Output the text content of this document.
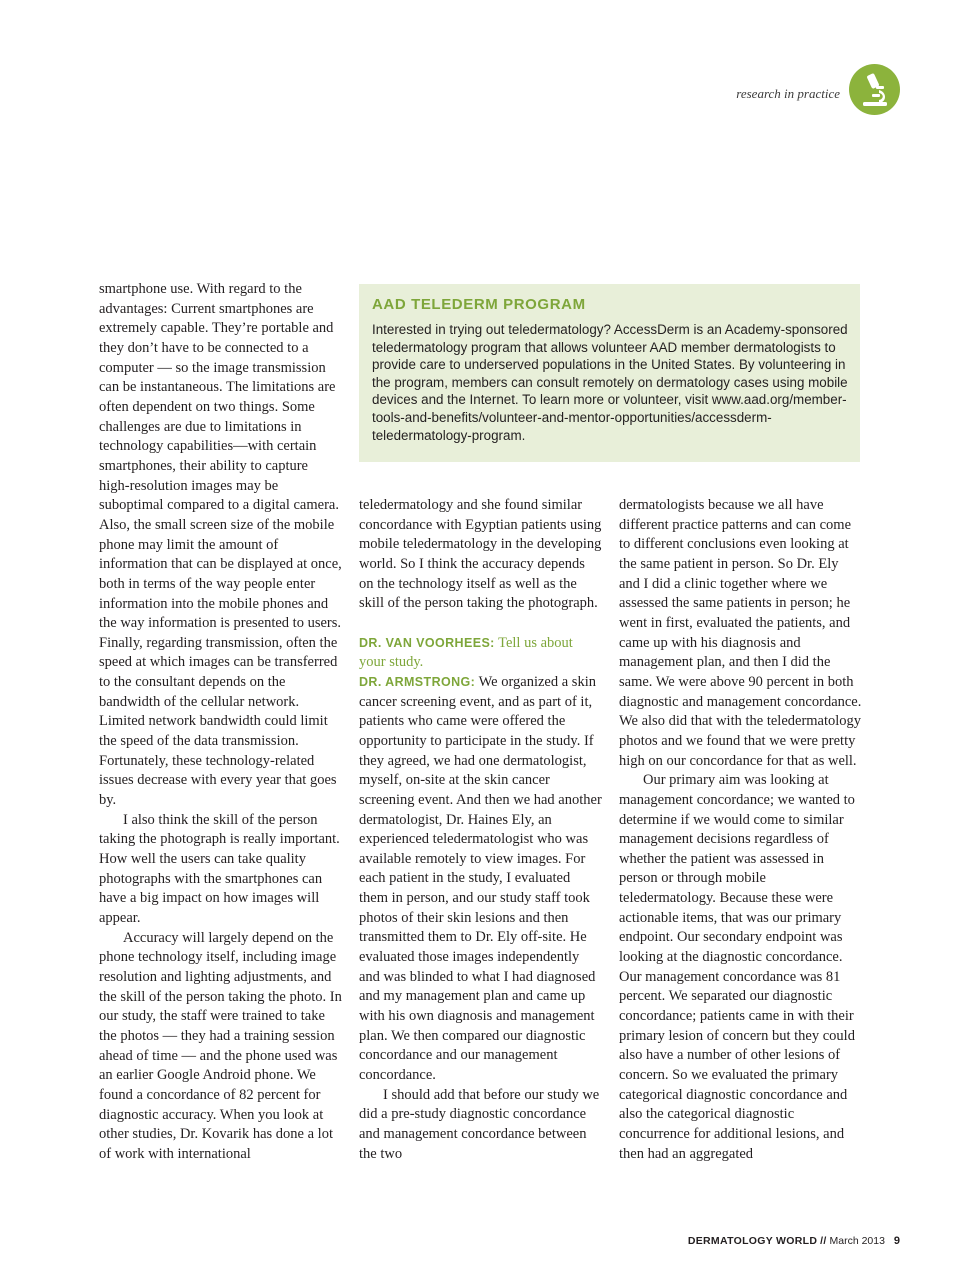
research in practice

smartphone use. With regard to the advantages: Current smartphones are extremely capable. They’re portable and they don’t have to be connected to a computer — so the image transmission can be instantaneous. The limitations are often dependent on two things. Some challenges are due to limitations in technology capabilities—with certain smartphones, their ability to capture high-resolution images may be suboptimal compared to a digital camera. Also, the small screen size of the mobile phone may limit the amount of information that can be displayed at once, both in terms of the way people enter information into the mobile phones and the way information is presented to users. Finally, regarding transmission, often the speed at which images can be transferred to the consultant depends on the bandwidth of the cellular network. Limited network bandwidth could limit the speed of the data transmission. Fortunately, these technology-related issues decrease with every year that goes by.

I also think the skill of the person taking the photograph is really important. How well the users can take quality photographs with the smartphones can have a big impact on how images will appear.

Accuracy will largely depend on the phone technology itself, including image resolution and lighting adjustments, and the skill of the person taking the photo. In our study, the staff were trained to take the photos — they had a training session ahead of time — and the phone used was an earlier Google Android phone. We found a concordance of 82 percent for diagnostic accuracy. When you look at other studies, Dr. Kovarik has done a lot of work with international

AAD TELEDERM PROGRAM
Interested in trying out teledermatology? AccessDerm is an Academy-sponsored teledermatology program that allows volunteer AAD member dermatologists to provide care to underserved populations in the United States. By volunteering in the program, members can consult remotely on dermatology cases using mobile devices and the Internet. To learn more or volunteer, visit www.aad.org/member-tools-and-benefits/volunteer-and-mentor-opportunities/accessderm-teledermatology-program.

teledermatology and she found similar concordance with Egyptian patients using mobile teledermatology in the developing world. So I think the accuracy depends on the technology itself as well as the skill of the person taking the photograph.

DR. VAN VOORHEES: Tell us about your study.

DR. ARMSTRONG: We organized a skin cancer screening event, and as part of it, patients who came were offered the opportunity to participate in the study. If they agreed, we had one dermatologist, myself, on-site at the skin cancer screening event. And then we had another dermatologist, Dr. Haines Ely, an experienced teledermatologist who was available remotely to view images. For each patient in the study, I evaluated them in person, and our study staff took photos of their skin lesions and then transmitted them to Dr. Ely off-site. He evaluated those images independently and was blinded to what I had diagnosed and my management plan and came up with his own diagnosis and management plan. We then compared our diagnostic concordance and our management concordance.

I should add that before our study we did a pre-study diagnostic concordance and management concordance between the two

dermatologists because we all have different practice patterns and can come to different conclusions even looking at the same patient in person. So Dr. Ely and I did a clinic together where we assessed the same patients in person; he went in first, evaluated the patients, and came up with his diagnosis and management plan, and then I did the same. We were above 90 percent in both diagnostic and management concordance. We also did that with the teledermatology photos and we found that we were pretty high on our concordance for that as well.

Our primary aim was looking at management concordance; we wanted to determine if we would come to similar management decisions regardless of whether the patient was assessed in person or through mobile teledermatology. Because these were actionable items, that was our primary endpoint. Our secondary endpoint was looking at the diagnostic concordance. Our management concordance was 81 percent. We separated our diagnostic concordance; patients came in with their primary lesion of concern but they could also have a number of other lesions of concern. So we evaluated the primary categorical diagnostic concordance and also the categorical diagnostic concurrence for additional lesions, and then had an aggregated

DERMATOLOGY WORLD // March 2013 9
